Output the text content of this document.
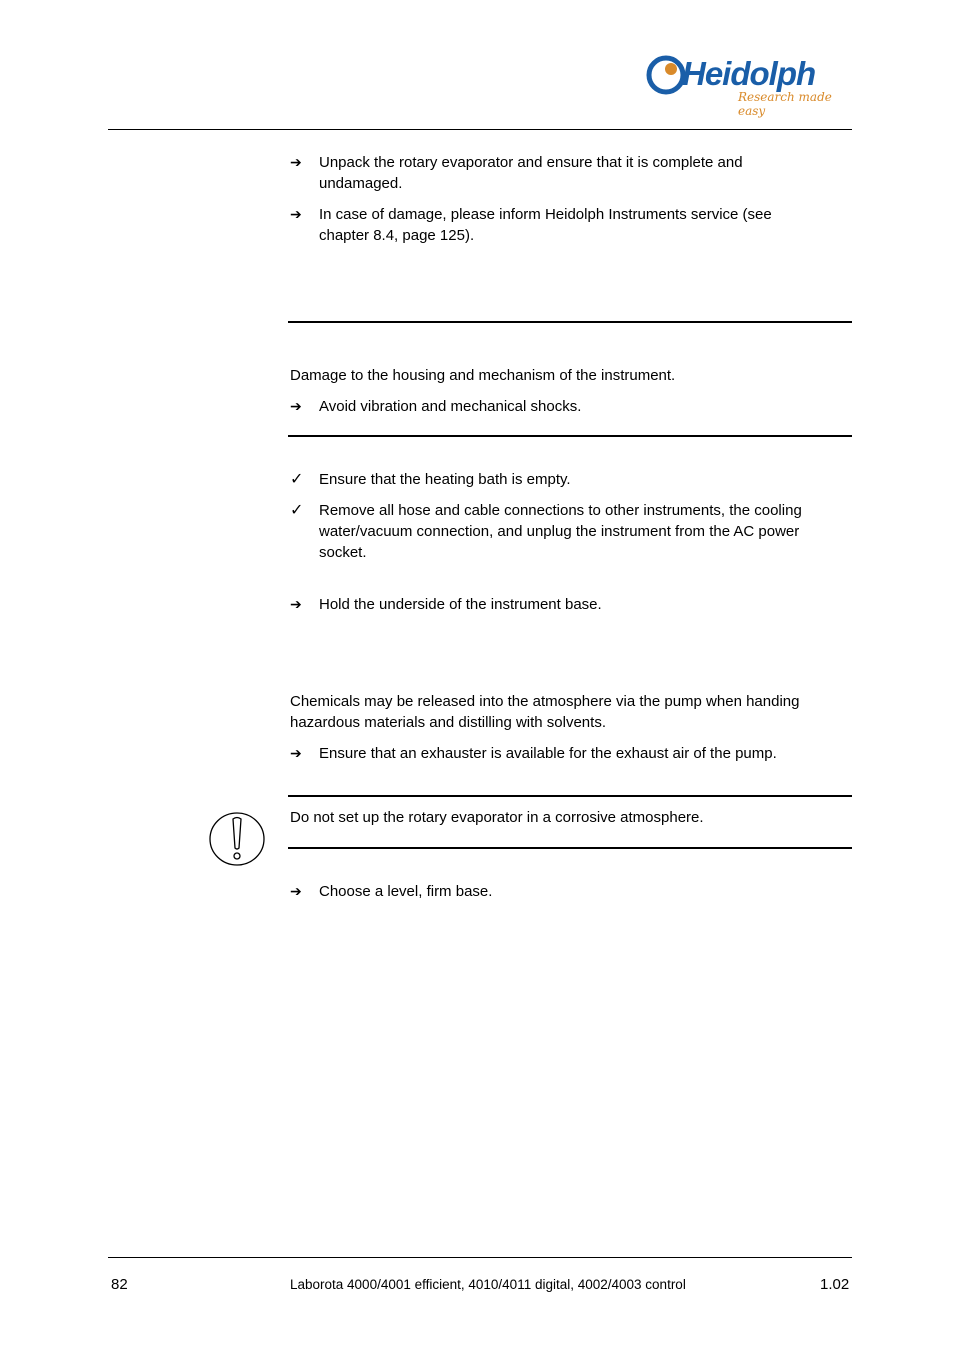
Heidolph
Research made easy
➔	Unpack the rotary evaporator and ensure that it is complete and undamaged.
➔	In case of damage, please inform Heidolph Instruments service (see chapter 8.4, page 125).
Damage to the housing and mechanism of the instrument.
➔	Avoid vibration and mechanical shocks.
✓	Ensure that the heating bath is empty.
✓	Remove all hose and cable connections to other instruments, the cooling water/vacuum connection, and unplug the instrument from the AC power socket.
➔	Hold the underside of the instrument base.
Chemicals may be released into the atmosphere via the pump when handing hazardous materials and distilling with solvents.
➔	Ensure that an exhauster is available for the exhaust air of the pump.
Do not set up the rotary evaporator in a corrosive atmosphere.
➔	Choose a level, firm base.
82	Laborota 4000/4001 efficient, 4010/4011 digital, 4002/4003 control	1.02
